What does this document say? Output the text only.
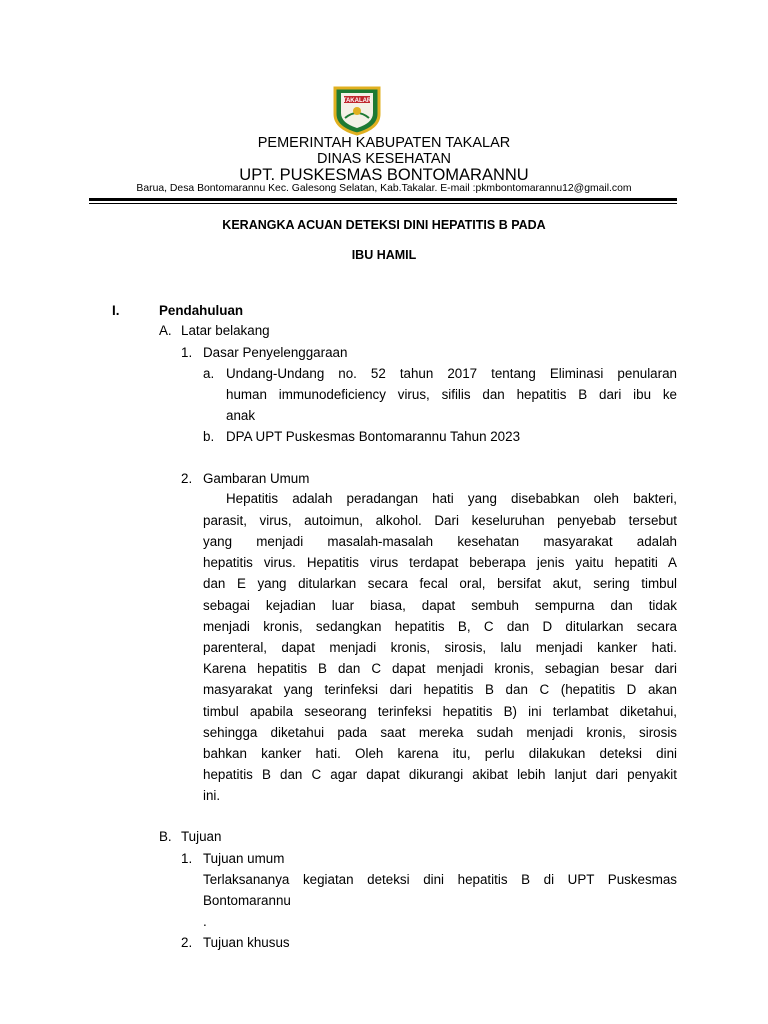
TAKALAR
PEMERINTAH KABUPATEN TAKALAR
DINAS KESEHATAN
UPT. PUSKESMAS BONTOMARANNU
Barua, Desa Bontomarannu Kec. Galesong Selatan, Kab.Takalar. E-mail :pkmbontomarannu12@gmail.com
KERANGKA ACUAN DETEKSI DINI HEPATITIS B PADA
IBU HAMIL
I.	Pendahuluan
A. Latar belakang
1. Dasar Penyelenggaraan
a. Undang-Undang no. 52 tahun 2017 tentang Eliminasi penularan
human immunodeficiency virus, sifilis dan hepatitis B dari ibu ke
anak
b. DPA UPT Puskesmas Bontomarannu Tahun 2023
2. Gambaran Umum
Hepatitis adalah peradangan hati yang disebabkan oleh bakteri,
parasit, virus, autoimun, alkohol. Dari keseluruhan penyebab tersebut
yang menjadi masalah-masalah kesehatan masyarakat adalah
hepatitis virus. Hepatitis virus terdapat beberapa jenis yaitu hepatiti A
dan E yang ditularkan secara fecal oral, bersifat akut, sering timbul
sebagai kejadian luar biasa, dapat sembuh sempurna dan tidak
menjadi kronis, sedangkan hepatitis B, C dan D ditularkan secara
parenteral, dapat menjadi kronis, sirosis, lalu menjadi kanker hati.
Karena hepatitis B dan C dapat menjadi kronis, sebagian besar dari
masyarakat yang terinfeksi dari hepatitis B dan C (hepatitis D akan
timbul apabila seseorang terinfeksi hepatitis B) ini terlambat diketahui,
sehingga diketahui pada saat mereka sudah menjadi kronis, sirosis
bahkan kanker hati. Oleh karena itu, perlu dilakukan deteksi dini
hepatitis B dan C agar dapat dikurangi akibat lebih lanjut dari penyakit
ini.
B. Tujuan
1. Tujuan umum
Terlaksananya kegiatan deteksi dini hepatitis B di UPT Puskesmas
Bontomarannu
.
2. Tujuan khusus
